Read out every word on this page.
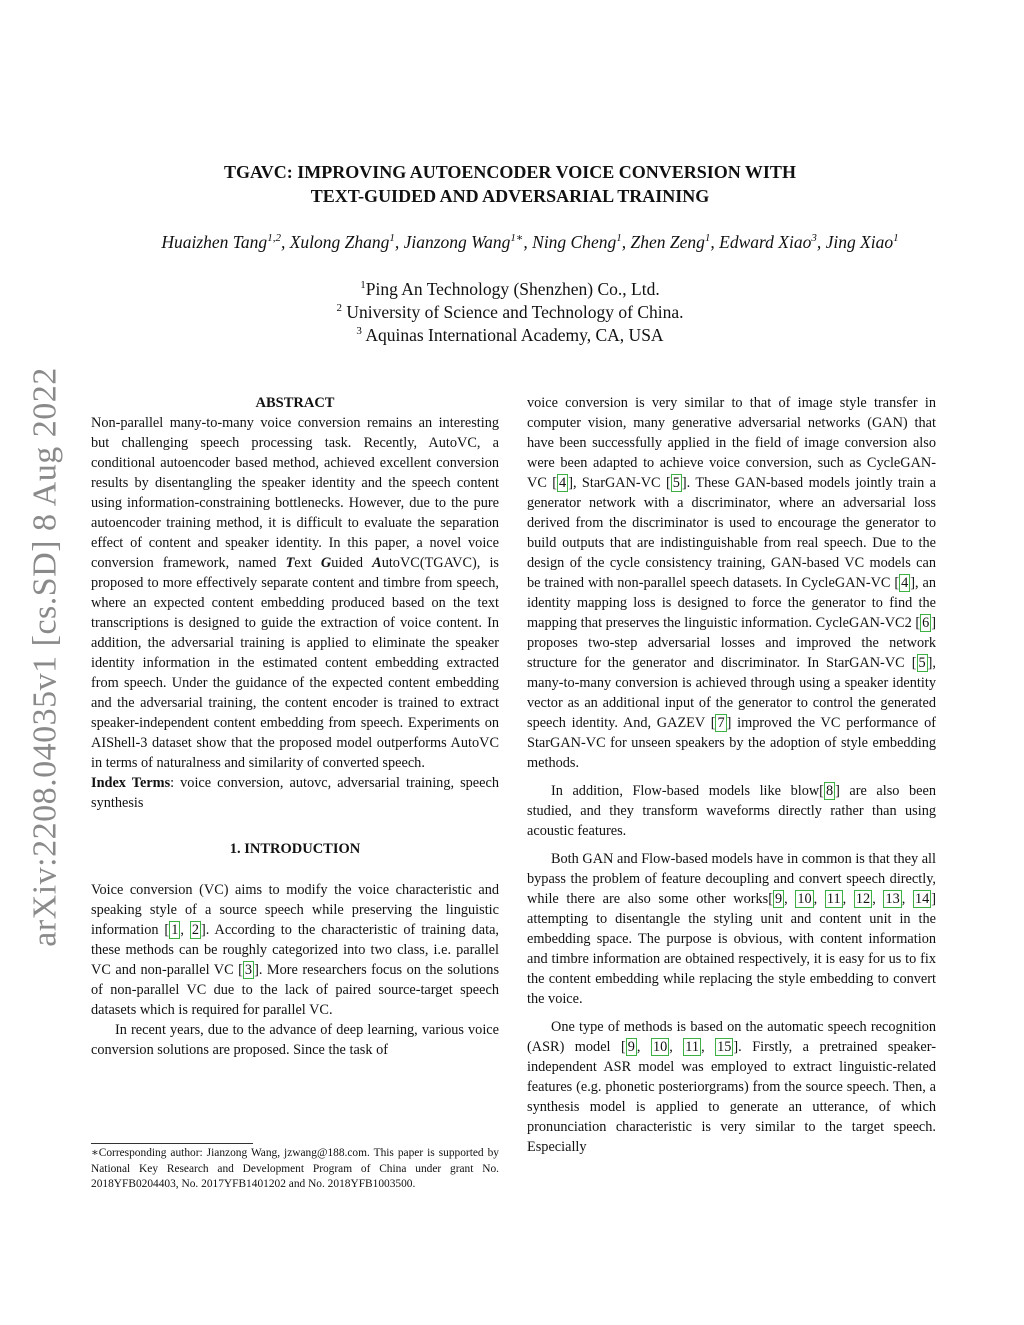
arXiv:2208.04035v1 [cs.SD] 8 Aug 2022
TGAVC: IMPROVING AUTOENCODER VOICE CONVERSION WITH
TEXT-GUIDED AND ADVERSARIAL TRAINING
Huaizhen Tang$^{1,2}$, Xulong Zhang$^1$, Jianzong Wang$^{1∗}$, Ning Cheng$^1$, Zhen Zeng$^1$, Edward Xiao$^3$, Jing Xiao$^1$
$^1$Ping An Technology (Shenzhen) Co., Ltd.
$^2$ University of Science and Technology of China.
$^3$ Aquinas International Academy, CA, USA
ABSTRACT

Non-parallel many-to-many voice conversion remains an interesting but challenging speech processing task. Recently, AutoVC, a conditional autoencoder based method, achieved excellent conversion results by disentangling the speaker identity and the speech content using information-constraining bottlenecks. However, due to the pure autoencoder training method, it is difficult to evaluate the separation effect of content and speaker identity. In this paper, a novel voice conversion framework, named Text Guided AutoVC(TGAVC), is proposed to more effectively separate content and timbre from speech, where an expected content embedding produced based on the text transcriptions is designed to guide the extraction of voice content. In addition, the adversarial training is applied to eliminate the speaker identity information in the estimated content embedding extracted from speech. Under the guidance of the expected content embedding and the adversarial training, the content encoder is trained to extract speaker-independent content embedding from speech. Experiments on AIShell-3 dataset show that the proposed model outperforms AutoVC in terms of naturalness and similarity of converted speech.

Index Terms: voice conversion, autovc, adversarial training, speech synthesis

1. INTRODUCTION

Voice conversion (VC) aims to modify the voice characteristic and speaking style of a source speech while preserving the linguistic information [ 1 , 2 ]. According to the characteristic of training data, these methods can be roughly categorized into two class, i.e. parallel VC and non-parallel VC [ 3 ]. More researchers focus on the solutions of non-parallel VC due to the lack of paired source-target speech datasets which is required for parallel VC.

In recent years, due to the advance of deep learning, various voice conversion solutions are proposed. Since the task of

∗Corresponding author: Jianzong Wang, jzwang@188.com. This paper is supported by National Key Research and Development Program of China under grant No. 2018YFB0204403, No. 2017YFB1401202 and No. 2018YFB1003500.

voice conversion is very similar to that of image style transfer in computer vision, many generative adversarial networks (GAN) that have been successfully applied in the field of image conversion also were been adapted to achieve voice conversion, such as CycleGAN-VC [ 4 ], StarGAN-VC [ 5 ]. These GAN-based models jointly train a generator network with a discriminator, where an adversarial loss derived from the discriminator is used to encourage the generator to build outputs that are indistinguishable from real speech. Due to the design of the cycle consistency training, GAN-based VC models can be trained with non-parallel speech datasets. In CycleGAN-VC [ 4 ], an identity mapping loss is designed to force the generator to find the mapping that preserves the linguistic information. CycleGAN-VC2 [ 6 ] proposes two-step adversarial losses and improved the network structure for the generator and discriminator. In StarGAN-VC [ 5 ], many-to-many conversion is achieved through using a speaker identity vector as an additional input of the generator to control the generated speech identity. And, GAZEV [ 7 ] improved the VC performance of StarGAN-VC for unseen speakers by the adoption of style embedding methods.

In addition, Flow-based models like blow[ 8 ] are also been studied, and they transform waveforms directly rather than using acoustic features.

Both GAN and Flow-based models have in common is that they all bypass the problem of feature decoupling and convert speech directly, while there are also some other works[ 9 , 10 , 11 , 12 , 13 , 14 ] attempting to disentangle the styling unit and content unit in the embedding space. The purpose is obvious, with content information and timbre information are obtained respectively, it is easy for us to fix the content embedding while replacing the style embedding to convert the voice.

One type of methods is based on the automatic speech recognition (ASR) model [ 9 , 10 , 11 , 15 ]. Firstly, a pretrained speaker-independent ASR model was employed to extract linguistic-related features (e.g. phonetic posteriorgrams) from the source speech. Then, a synthesis model is applied to generate an utterance, of which pronunciation characteristic is very similar to the target speech. Especially
